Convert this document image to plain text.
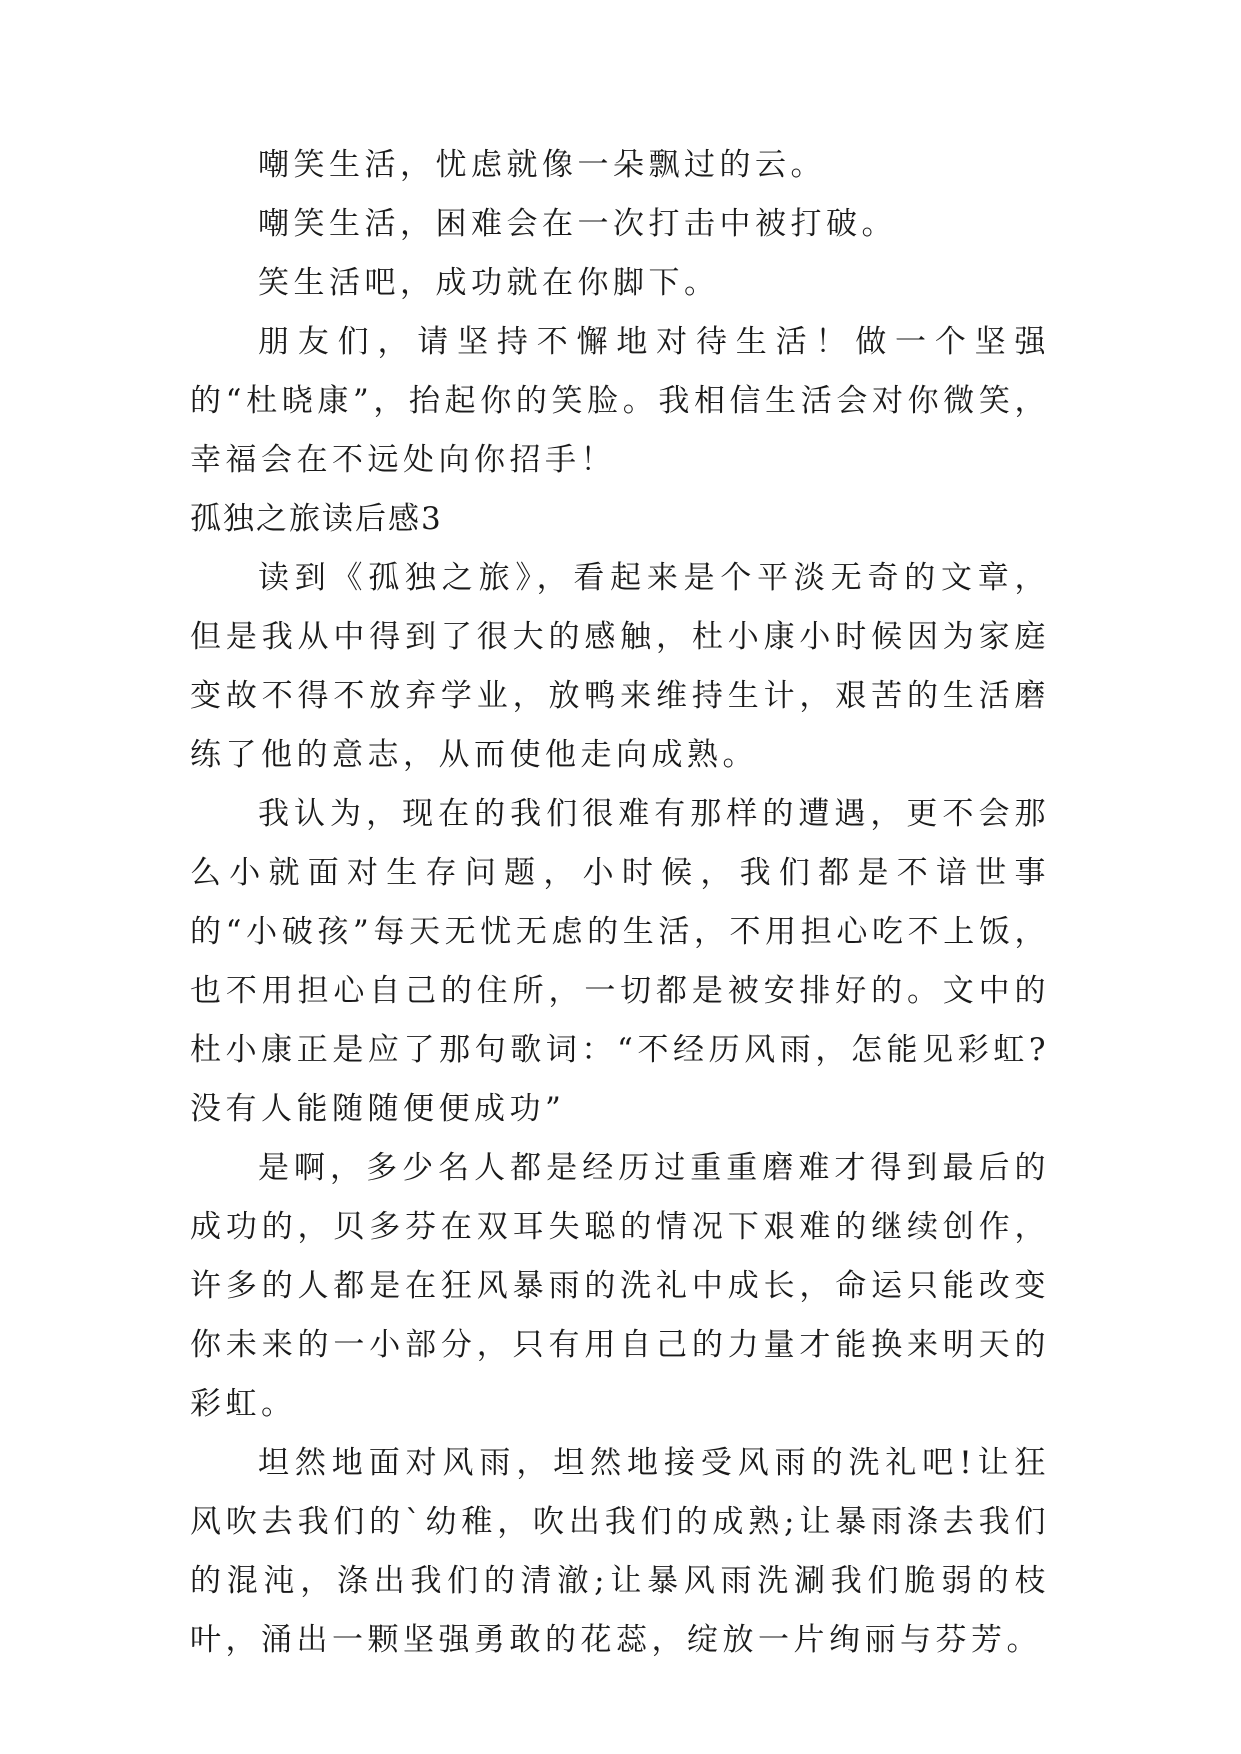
嘲笑生活，忧虑就像一朵飘过的云。

嘲笑生活，困难会在一次打击中被打破。

笑生活吧，成功就在你脚下。

朋友们，请坚持不懈地对待生活！做一个坚强的“杜晓康”，抬起你的笑脸。我相信生活会对你微笑，幸福会在不远处向你招手！

孤独之旅读后感3

读到《孤独之旅》，看起来是个平淡无奇的文章，但是我从中得到了很大的感触，杜小康小时候因为家庭变故不得不放弃学业，放鸭来维持生计，艰苦的生活磨练了他的意志，从而使他走向成熟。

我认为，现在的我们很难有那样的遭遇，更不会那么小就面对生存问题，小时候，我们都是不谙世事的“小破孩”每天无忧无虑的生活，不用担心吃不上饭，也不用担心自己的住所，一切都是被安排好的。文中的杜小康正是应了那句歌词：“不经历风雨，怎能见彩虹?没有人能随随便便成功”

是啊，多少名人都是经历过重重磨难才得到最后的成功的，贝多芬在双耳失聪的情况下艰难的继续创作，许多的人都是在狂风暴雨的洗礼中成长，命运只能改变你未来的一小部分，只有用自己的力量才能换来明天的彩虹。

坦然地面对风雨，坦然地接受风雨的洗礼吧!让狂风吹去我们的`幼稚，吹出我们的成熟;让暴雨涤去我们的混沌，涤出我们的清澈;让暴风雨洗涮我们脆弱的枝叶，涌出一颗坚强勇敢的花蕊，绽放一片绚丽与芬芳。
